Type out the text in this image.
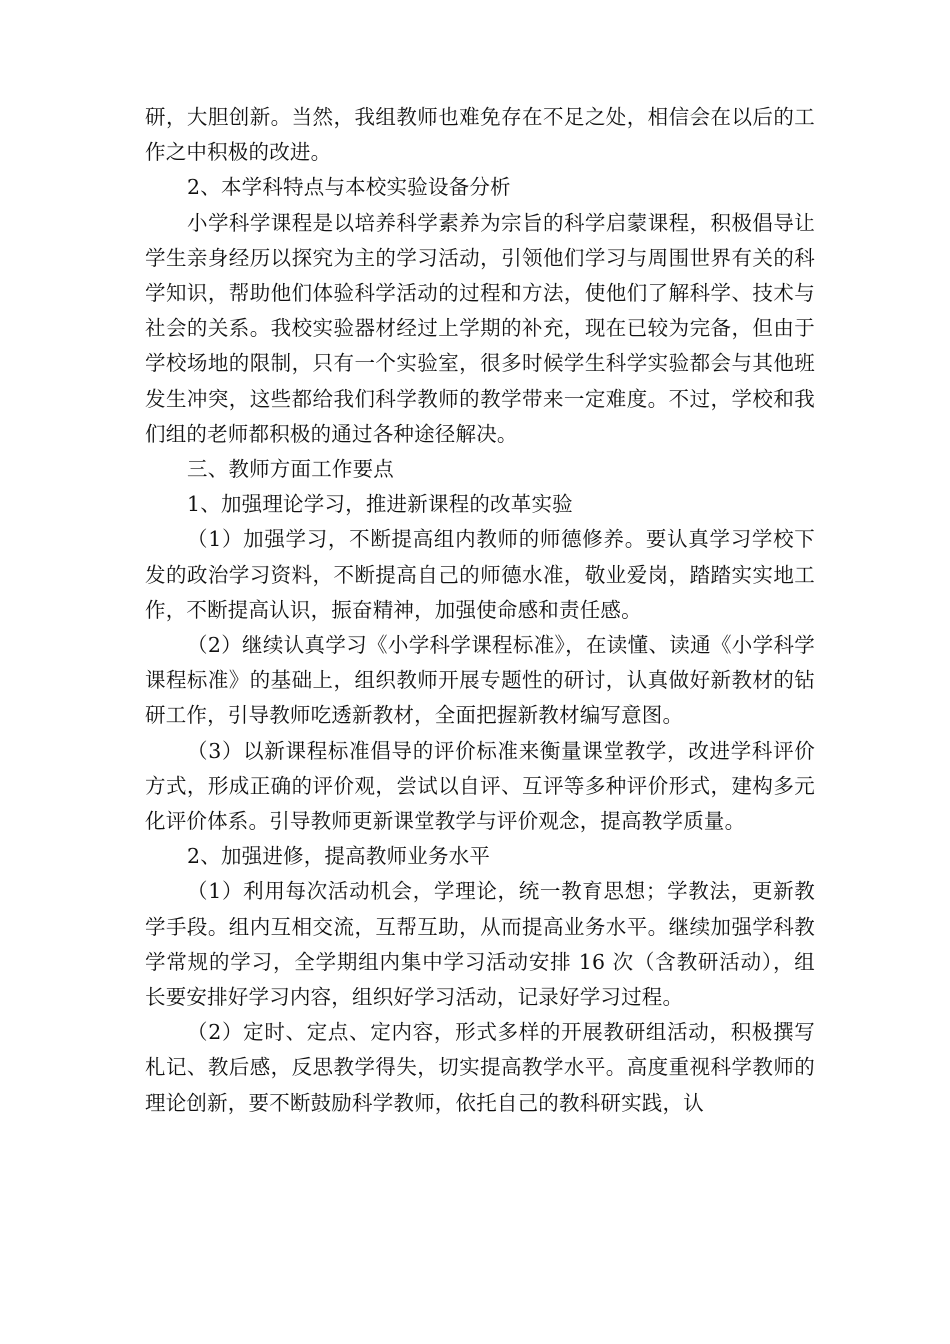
研，大胆创新。当然，我组教师也难免存在不足之处，相信会在以后的工作之中积极的改进。

2、本学科特点与本校实验设备分析

小学科学课程是以培养科学素养为宗旨的科学启蒙课程，积极倡导让学生亲身经历以探究为主的学习活动，引领他们学习与周围世界有关的科学知识，帮助他们体验科学活动的过程和方法，使他们了解科学、技术与社会的关系。我校实验器材经过上学期的补充，现在已较为完备，但由于学校场地的限制，只有一个实验室，很多时候学生科学实验都会与其他班发生冲突，这些都给我们科学教师的教学带来一定难度。不过，学校和我们组的老师都积极的通过各种途径解决。

三、教师方面工作要点

1、加强理论学习，推进新课程的改革实验

（1）加强学习，不断提高组内教师的师德修养。要认真学习学校下发的政治学习资料，不断提高自己的师德水准，敬业爱岗，踏踏实实地工作，不断提高认识，振奋精神，加强使命感和责任感。

（2）继续认真学习《小学科学课程标准》，在读懂、读通《小学科学课程标准》的基础上，组织教师开展专题性的研讨，认真做好新教材的钻研工作，引导教师吃透新教材，全面把握新教材编写意图。

（3）以新课程标准倡导的评价标准来衡量课堂教学，改进学科评价方式，形成正确的评价观，尝试以自评、互评等多种评价形式，建构多元化评价体系。引导教师更新课堂教学与评价观念，提高教学质量。

2、加强进修，提高教师业务水平

（1）利用每次活动机会，学理论，统一教育思想；学教法，更新教学手段。组内互相交流，互帮互助，从而提高业务水平。继续加强学科教学常规的学习，全学期组内集中学习活动安排 16 次（含教研活动），组长要安排好学习内容，组织好学习活动，记录好学习过程。

（2）定时、定点、定内容，形式多样的开展教研组活动，积极撰写札记、教后感，反思教学得失，切实提高教学水平。高度重视科学教师的理论创新，要不断鼓励科学教师，依托自己的教科研实践，认
